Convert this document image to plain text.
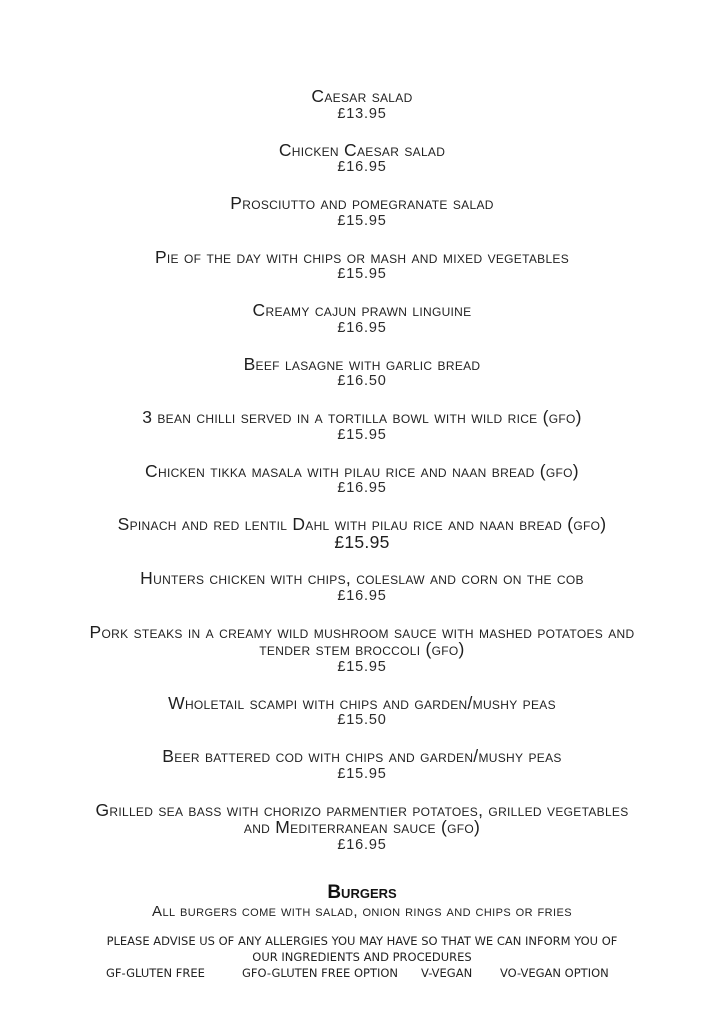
Caesar salad
£13.95
Chicken Caesar salad
£16.95
Prosciutto and pomegranate salad
£15.95
Pie of the day with chips or mash and mixed vegetables
£15.95
Creamy cajun prawn linguine
£16.95
Beef lasagne with garlic bread
£16.50
3 bean chilli served in a tortilla bowl with wild rice (gfo)
£15.95
Chicken tikka masala with pilau rice and naan bread (gfo)
£16.95
Spinach and red lentil Dahl with pilau rice and naan bread (gfo) £15.95
Hunters chicken with chips, coleslaw and corn on the cob
£16.95
Pork steaks in a creamy wild mushroom sauce with mashed potatoes and tender stem broccoli (gfo)
£15.95
Wholetail scampi with chips and garden/mushy peas
£15.50
Beer battered cod with chips and garden/mushy peas
£15.95
Grilled sea bass with chorizo parmentier potatoes, grilled vegetables and Mediterranean sauce (gfo)
£16.95
Burgers
All burgers come with salad, onion rings and chips or fries
PLEASE ADVISE US OF ANY ALLERGIES YOU MAY HAVE SO THAT WE CAN INFORM YOU OF OUR INGREDIENTS AND PROCEDURES
GF-GLUTEN FREE	GFO-GLUTEN FREE OPTION V-VEGAN VO-VEGAN OPTION
